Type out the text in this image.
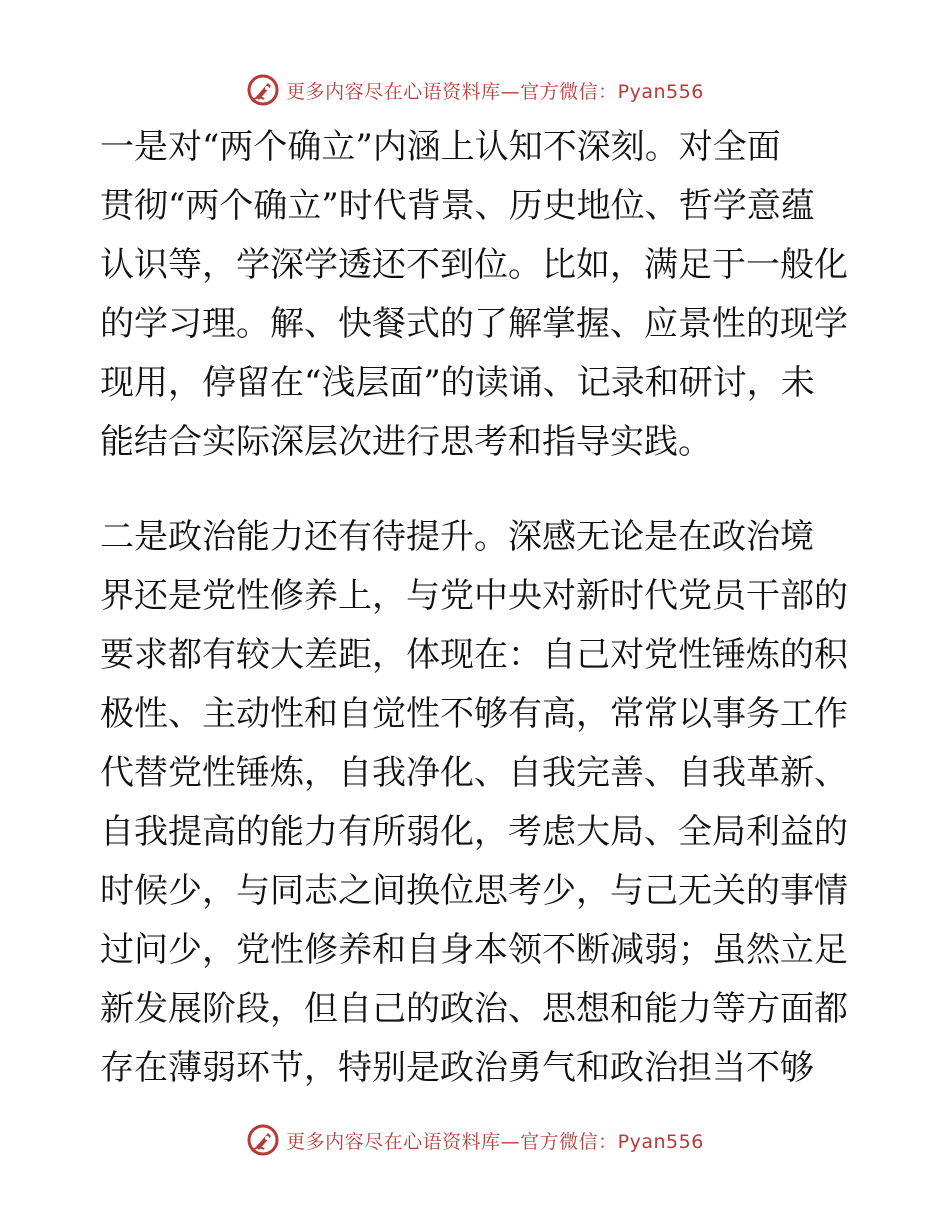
更多内容尽在心语资料库—官方微信：Pyan556
一是对“两个确立”内涵上认知不深刻。对全面
贯彻“两个确立”时代背景、历史地位、哲学意蕴
认识等，学深学透还不到位。比如，满足于一般化
的学习理。解、快餐式的了解掌握、应景性的现学
现用，停留在“浅层面”的读诵、记录和研讨，未
能结合实际深层次进行思考和指导实践。
二是政治能力还有待提升。深感无论是在政治境
界还是党性修养上，与党中央对新时代党员干部的
要求都有较大差距，体现在：自己对党性锤炼的积
极性、主动性和自觉性不够有高，常常以事务工作
代替党性锤炼，自我净化、自我完善、自我革新、
自我提高的能力有所弱化，考虑大局、全局利益的
时候少，与同志之间换位思考少，与己无关的事情
过问少，党性修养和自身本领不断减弱；虽然立足
新发展阶段，但自己的政治、思想和能力等方面都
存在薄弱环节，特别是政治勇气和政治担当不够
更多内容尽在心语资料库—官方微信：Pyan556
